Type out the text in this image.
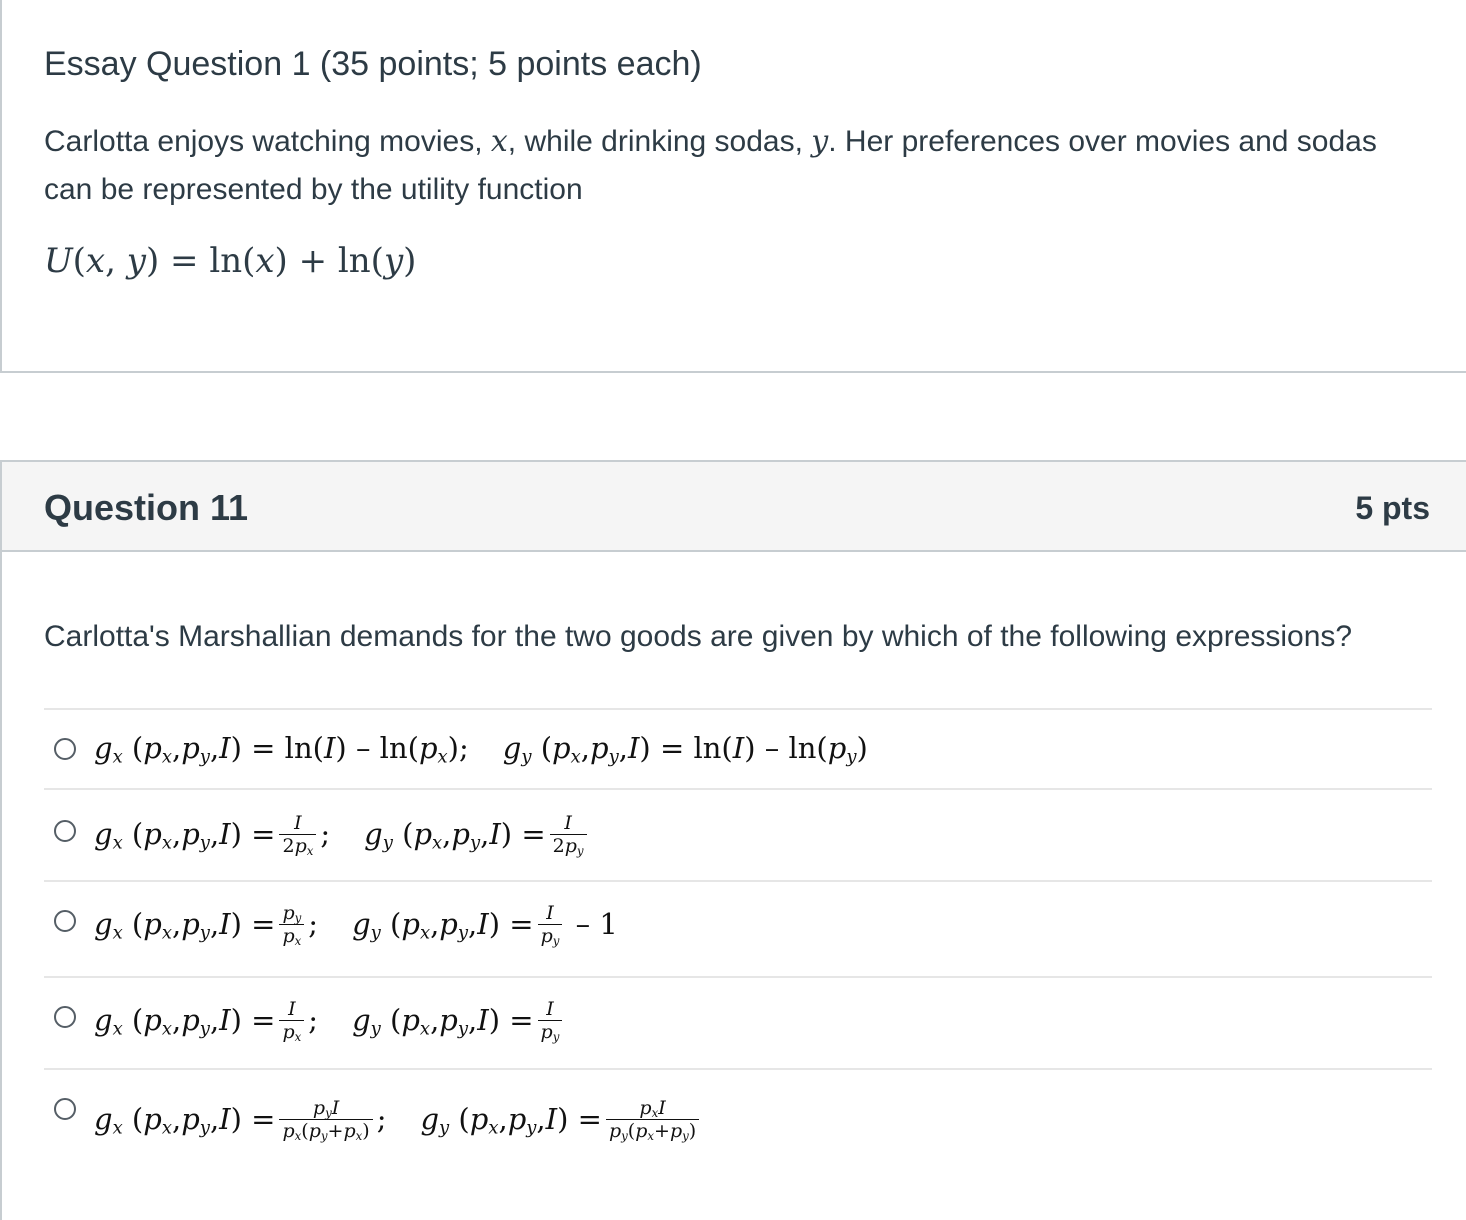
Essay Question 1 (35 points; 5 points each)
Carlotta enjoys watching movies, x, while drinking sodas, y. Her preferences over movies and sodas can be represented by the utility function
U(x, y) = ln(x) + ln(y)
Question 11	5 pts
Carlotta's Marshallian demands for the two goods are given by which of the following expressions?
$g_x$ ( $p_x$ , $p_y$ , I ) = ln( I ) – ln( $p_x$ ); $g_y$ ( $p_x$ , $p_y$ , I ) = ln( I ) – ln( $p_y$ )
$g_x$ ( $p_x$ , $p_y$ , I ) = $\frac{I}{2p_x}$ ; $g_y$ ( $p_x$ , $p_y$ , I ) = $\frac{I}{2p_y}$
$g_x$ ( $p_x$ , $p_y$ , I ) = $\frac{p_y}{p_x}$ ; $g_y$ ( $p_x$ , $p_y$ , I ) = $\frac{I}{p_y} - 1$
$g_x$ ( $p_x$ , $p_y$ , I ) = $\frac{I}{p_x}$ ; $g_y$ ( $p_x$ , $p_y$ , I ) = $\frac{I}{p_y}$
$g_x$ ( $p_x$ , $p_y$ , I ) = $\frac{p_yI}{p_x(p_y+p_x)}$ ; $g_y$ ( $p_x$ , $p_y$ , I ) = $\frac{p_xI}{p_y(p_x+p_y)}$
